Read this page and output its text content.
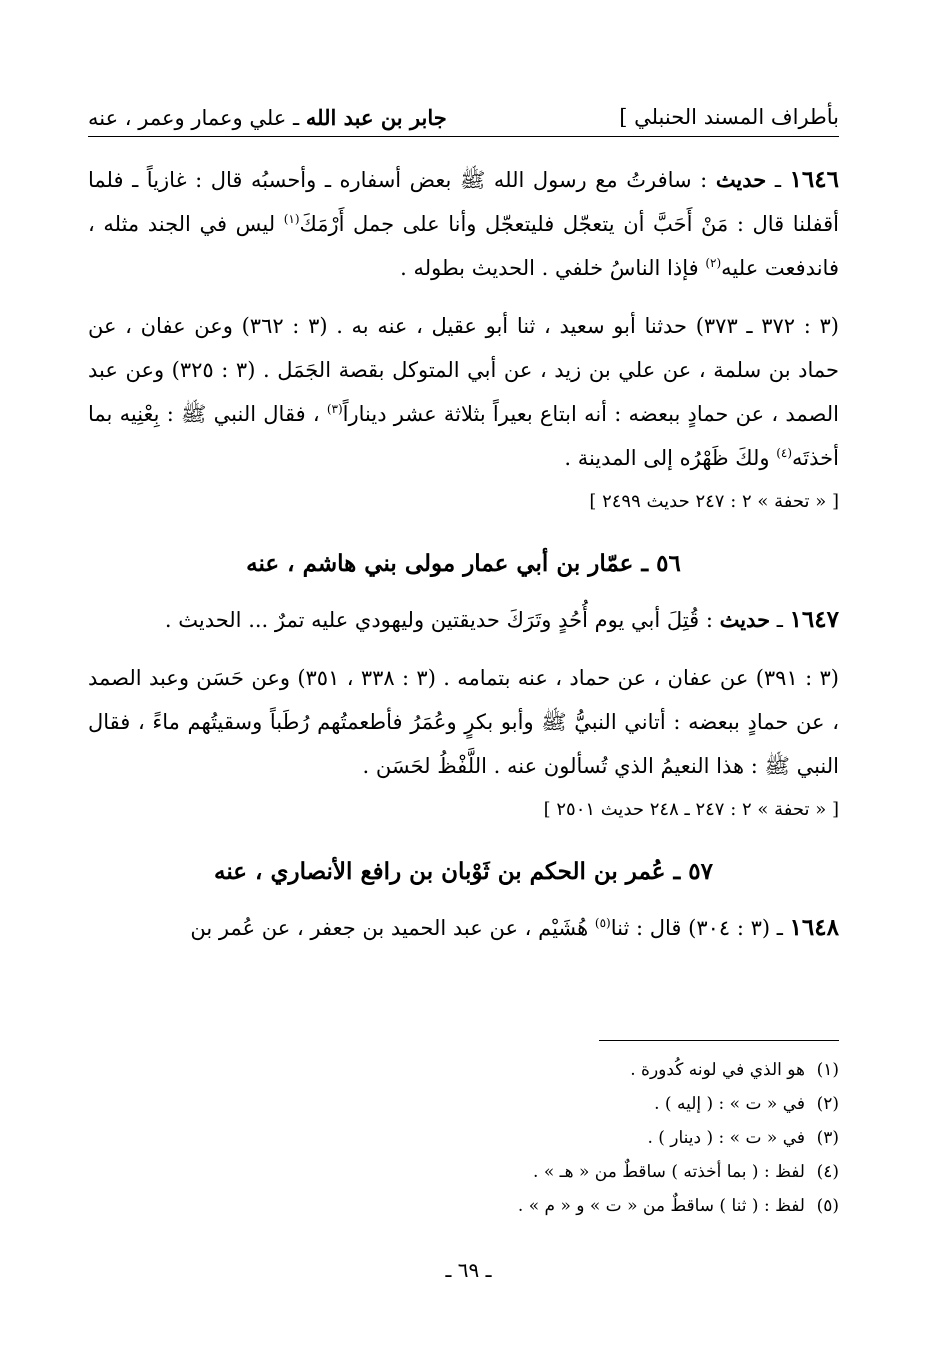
بأطراف المسند الحنبلي ]
جابر بن عبد الله ـ علي وعمار وعمر ، عنه

١٦٤٦ ـ حديث : سافرتُ مع رسول الله ﷺ بعض أسفاره ـ وأحسبُه قال : غازياً ـ فلما أقفلنا قال : مَنْ أَحَبَّ أن يتعجّل فليتعجّل وأنا على جمل أَرْمَكَ$^{(١)}$ ليس في الجند مثله ، فاندفعت عليه$^{(٢)}$ فإذا الناسُ خلفي . الحديث بطوله .

(٣ : ٣٧٢ ـ ٣٧٣) حدثنا أبو سعيد ، ثنا أبو عقيل ، عنه به . (٣ : ٣٦٢) وعن عفان ، عن حماد بن سلمة ، عن علي بن زيد ، عن أبي المتوكل بقصة الجَمَل . (٣ : ٣٢٥) وعن عبد الصمد ، عن حمادٍ ببعضه : أنه ابتاع بعيراً بثلاثة عشر ديناراً$^{(٣)}$ ، فقال النبي ﷺ : بِعْنِيه بما أخذتَه$^{(٤)}$ ولكَ ظَهْرُه إلى المدينة .

[ « تحفة » ٢ : ٢٤٧ حديث ٢٤٩٩ ]

٥٦ ـ عمّار بن أبي عمار مولى بني هاشم ، عنه

١٦٤٧ ـ حديث : قُتِلَ أبي يوم أُحُدٍ وتَرَكَ حديقتين وليهودي عليه تمرٌ ... الحديث .

(٣ : ٣٩١) عن عفان ، عن حماد ، عنه بتمامه . (٣ : ٣٣٨ ، ٣٥١) وعن حَسَن وعبد الصمد ، عن حمادٍ ببعضه : أتاني النبيُّ ﷺ وأبو بكرٍ وعُمَرُ فأطعمتُهم رُطَباً وسقيتُهم ماءً ، فقال النبي ﷺ : هذا النعيمُ الذي تُسألون عنه . اللَّفْظُ لحَسَن .

[ « تحفة » ٢ : ٢٤٧ ـ ٢٤٨ حديث ٢٥٠١ ]

٥٧ ـ عُمر بن الحكم بن ثَوْبان بن رافع الأنصاري ، عنه

١٦٤٨ ـ (٣ : ٣٠٤) قال : ثنا$^{(٥)}$ هُشَيْم ، عن عبد الحميد بن جعفر ، عن عُمر بن

(١)هو الذي في لونه كُدورة .
(٢)في « ت » : ( إليه ) .
(٣)في « ت » : ( دينار ) .
(٤)لفظ : ( بما أخذته ) ساقطٌ من « هـ » .
(٥)لفظ : ( ثنا ) ساقطٌ من « ت » و « م » .
ـ ٦٩ ـ
